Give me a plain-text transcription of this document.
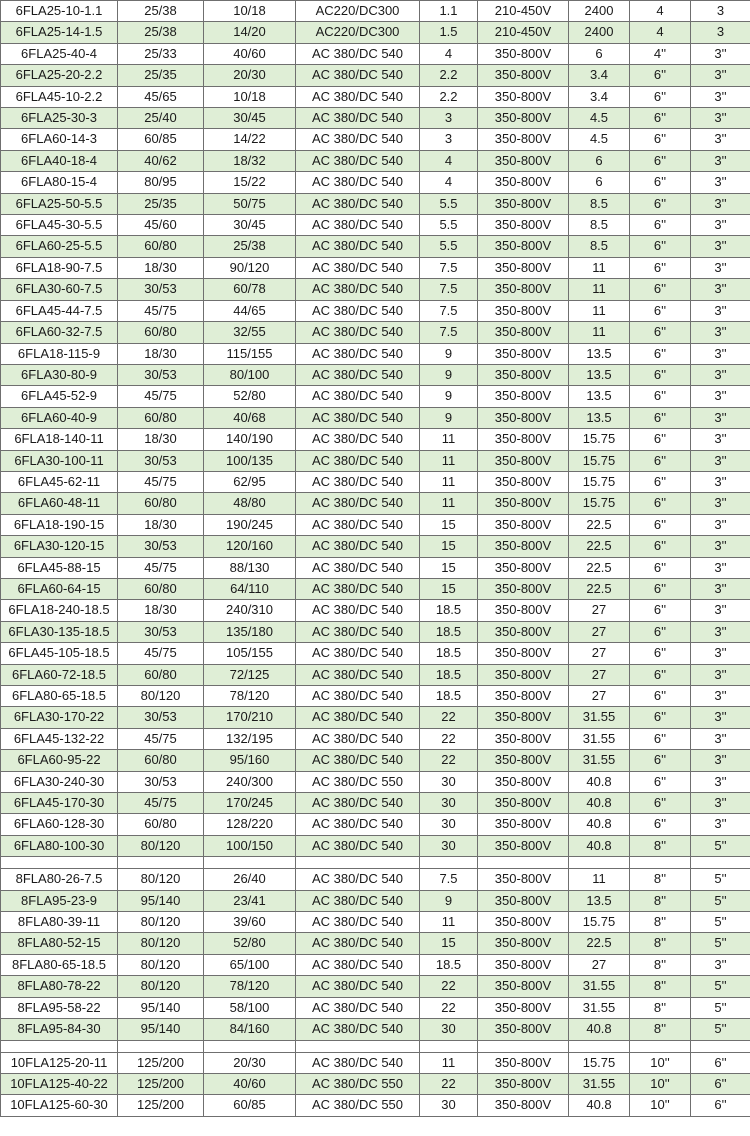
6FLA25-10-1.1	25/38	10/18	AC220/DC300	1.1	210-450V	2400	4	3
6FLA25-14-1.5	25/38	14/20	AC220/DC300	1.5	210-450V	2400	4	3
6FLA25-40-4	25/33	40/60	AC 380/DC 540	4	350-800V	6	4''	3''
6FLA25-20-2.2	25/35	20/30	AC 380/DC 540	2.2	350-800V	3.4	6''	3''
6FLA45-10-2.2	45/65	10/18	AC 380/DC 540	2.2	350-800V	3.4	6''	3''
6FLA25-30-3	25/40	30/45	AC 380/DC 540	3	350-800V	4.5	6''	3''
6FLA60-14-3	60/85	14/22	AC 380/DC 540	3	350-800V	4.5	6''	3''
6FLA40-18-4	40/62	18/32	AC 380/DC 540	4	350-800V	6	6''	3''
6FLA80-15-4	80/95	15/22	AC 380/DC 540	4	350-800V	6	6''	3''
6FLA25-50-5.5	25/35	50/75	AC 380/DC 540	5.5	350-800V	8.5	6''	3''
6FLA45-30-5.5	45/60	30/45	AC 380/DC 540	5.5	350-800V	8.5	6''	3''
6FLA60-25-5.5	60/80	25/38	AC 380/DC 540	5.5	350-800V	8.5	6''	3''
6FLA18-90-7.5	18/30	90/120	AC 380/DC 540	7.5	350-800V	11	6''	3''
6FLA30-60-7.5	30/53	60/78	AC 380/DC 540	7.5	350-800V	11	6''	3''
6FLA45-44-7.5	45/75	44/65	AC 380/DC 540	7.5	350-800V	11	6''	3''
6FLA60-32-7.5	60/80	32/55	AC 380/DC 540	7.5	350-800V	11	6''	3''
6FLA18-115-9	18/30	115/155	AC 380/DC 540	9	350-800V	13.5	6''	3''
6FLA30-80-9	30/53	80/100	AC 380/DC 540	9	350-800V	13.5	6''	3''
6FLA45-52-9	45/75	52/80	AC 380/DC 540	9	350-800V	13.5	6''	3''
6FLA60-40-9	60/80	40/68	AC 380/DC 540	9	350-800V	13.5	6''	3''
6FLA18-140-11	18/30	140/190	AC 380/DC 540	11	350-800V	15.75	6''	3''
6FLA30-100-11	30/53	100/135	AC 380/DC 540	11	350-800V	15.75	6''	3''
6FLA45-62-11	45/75	62/95	AC 380/DC 540	11	350-800V	15.75	6''	3''
6FLA60-48-11	60/80	48/80	AC 380/DC 540	11	350-800V	15.75	6''	3''
6FLA18-190-15	18/30	190/245	AC 380/DC 540	15	350-800V	22.5	6''	3''
6FLA30-120-15	30/53	120/160	AC 380/DC 540	15	350-800V	22.5	6''	3''
6FLA45-88-15	45/75	88/130	AC 380/DC 540	15	350-800V	22.5	6''	3''
6FLA60-64-15	60/80	64/110	AC 380/DC 540	15	350-800V	22.5	6''	3''
6FLA18-240-18.5	18/30	240/310	AC 380/DC 540	18.5	350-800V	27	6''	3''
6FLA30-135-18.5	30/53	135/180	AC 380/DC 540	18.5	350-800V	27	6''	3''
6FLA45-105-18.5	45/75	105/155	AC 380/DC 540	18.5	350-800V	27	6''	3''
6FLA60-72-18.5	60/80	72/125	AC 380/DC 540	18.5	350-800V	27	6''	3''
6FLA80-65-18.5	80/120	78/120	AC 380/DC 540	18.5	350-800V	27	6''	3''
6FLA30-170-22	30/53	170/210	AC 380/DC 540	22	350-800V	31.55	6''	3''
6FLA45-132-22	45/75	132/195	AC 380/DC 540	22	350-800V	31.55	6''	3''
6FLA60-95-22	60/80	95/160	AC 380/DC 540	22	350-800V	31.55	6''	3''
6FLA30-240-30	30/53	240/300	AC 380/DC 550	30	350-800V	40.8	6''	3''
6FLA45-170-30	45/75	170/245	AC 380/DC 540	30	350-800V	40.8	6''	3''
6FLA60-128-30	60/80	128/220	AC 380/DC 540	30	350-800V	40.8	6''	3''
6FLA80-100-30	80/120	100/150	AC 380/DC 540	30	350-800V	40.8	8''	5''

8FLA80-26-7.5	80/120	26/40	AC 380/DC 540	7.5	350-800V	11	8''	5''
8FLA95-23-9	95/140	23/41	AC 380/DC 540	9	350-800V	13.5	8''	5''
8FLA80-39-11	80/120	39/60	AC 380/DC 540	11	350-800V	15.75	8''	5''
8FLA80-52-15	80/120	52/80	AC 380/DC 540	15	350-800V	22.5	8''	5''
8FLA80-65-18.5	80/120	65/100	AC 380/DC 540	18.5	350-800V	27	8''	3''
8FLA80-78-22	80/120	78/120	AC 380/DC 540	22	350-800V	31.55	8''	5''
8FLA95-58-22	95/140	58/100	AC 380/DC 540	22	350-800V	31.55	8''	5''
8FLA95-84-30	95/140	84/160	AC 380/DC 540	30	350-800V	40.8	8''	5''

10FLA125-20-11	125/200	20/30	AC 380/DC 540	11	350-800V	15.75	10''	6''
10FLA125-40-22	125/200	40/60	AC 380/DC 550	22	350-800V	31.55	10''	6''
10FLA125-60-30	125/200	60/85	AC 380/DC 550	30	350-800V	40.8	10''	6''
